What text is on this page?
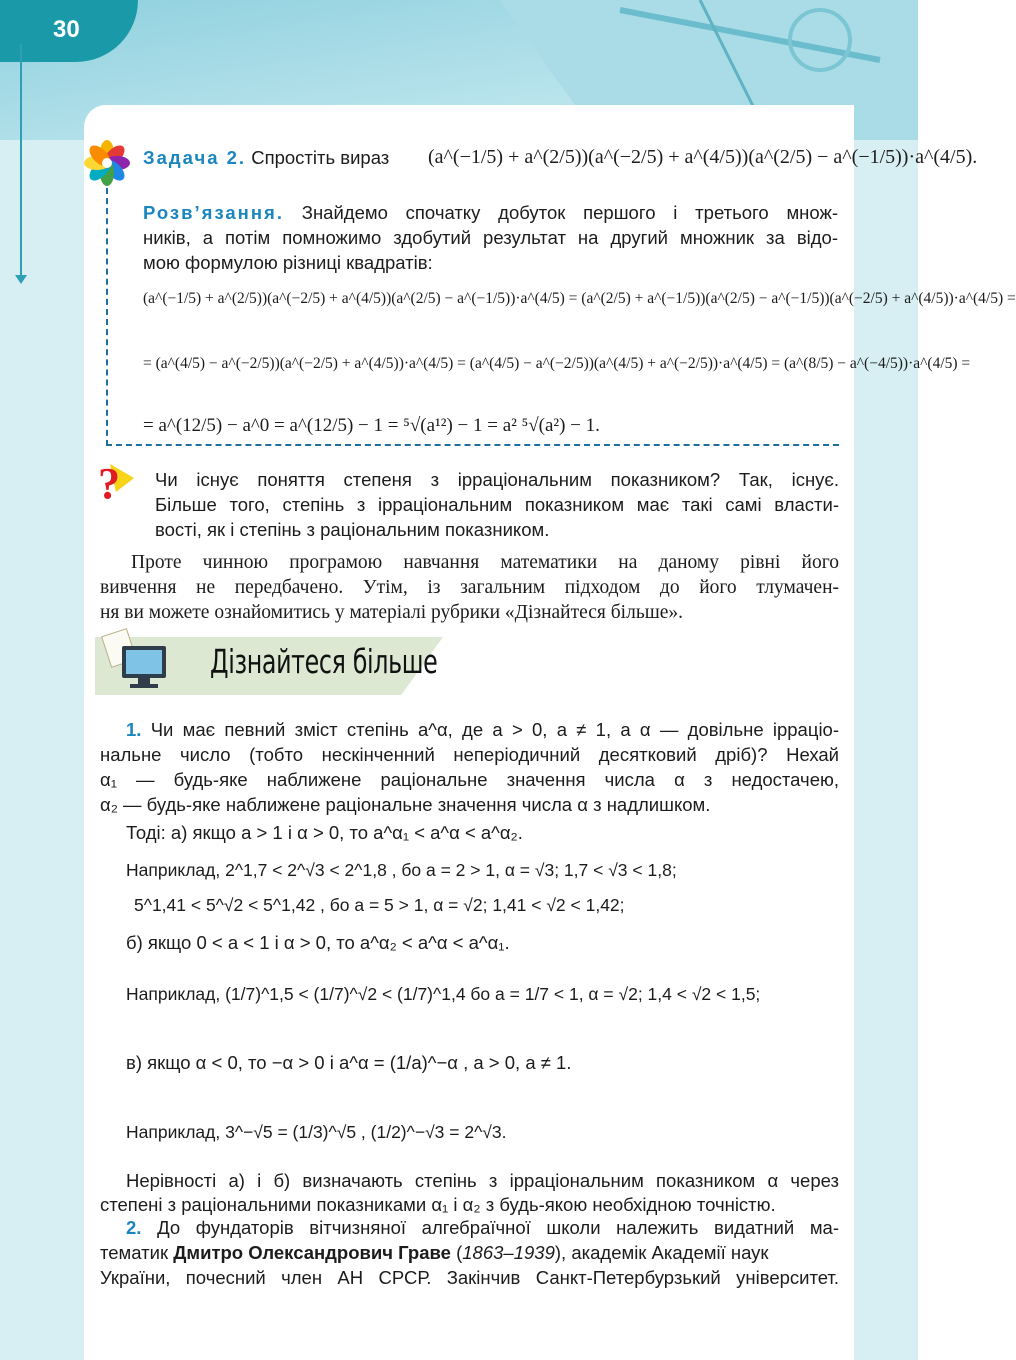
30
Задача 2. Спростіть вираз (a^(−1/5) + a^(2/5))(a^(−2/5) + a^(4/5))(a^(2/5) − a^(−1/5))·a^(4/5).
Розв’язання. Знайдемо спочатку добуток першого і третього множ-
ників, а потім помножимо здобутий результат на другий множник за відо-
мою формулою різниці квадратів:
(a^(−1/5) + a^(2/5))(a^(−2/5) + a^(4/5))(a^(2/5) − a^(−1/5))·a^(4/5) = (a^(2/5) + a^(−1/5))(a^(2/5) − a^(−1/5))(a^(−2/5) + a^(4/5))·a^(4/5) =
= (a^(4/5) − a^(−2/5))(a^(−2/5) + a^(4/5))·a^(4/5) = (a^(4/5) − a^(−2/5))(a^(4/5) + a^(−2/5))·a^(4/5) = (a^(8/5) − a^(−4/5))·a^(4/5) =
= a^(12/5) − a^0 = a^(12/5) − 1 = ⁵√(a¹²) − 1 = a² ⁵√(a²) − 1.
? Чи існує поняття степеня з ірраціональним показником? Так, існує.
Більше того, степінь з ірраціональним показником має такі самі власти-
вості, як і степінь з раціональним показником.
Проте чинною програмою навчання математики на даному рівні його
вивчення не передбачено. Утім, із загальним підходом до його тлумачен-
ня ви можете ознайомитись у матеріалі рубрики «Дізнайтеся більше».
Дізнайтеся більше
1. Чи має певний зміст степінь a^α, де a > 0, a ≠ 1, а α — довільне ірраціо-
нальне число (тобто нескінченний неперіодичний десятковий дріб)? Нехай
α₁ — будь-яке наближене раціональне значення числа α з недостачею,
α₂ — будь-яке наближене раціональне значення числа α з надлишком.
Тоді: а) якщо a > 1 і α > 0, то a^α₁ < a^α < a^α₂.
Наприклад, 2^1,7 < 2^√3 < 2^1,8 , бо a = 2 > 1, α = √3; 1,7 < √3 < 1,8;
5^1,41 < 5^√2 < 5^1,42 , бо a = 5 > 1, α = √2; 1,41 < √2 < 1,42;
б) якщо 0 < a < 1 і α > 0, то a^α₂ < a^α < a^α₁.
Наприклад, (1/7)^1,5 < (1/7)^√2 < (1/7)^1,4 бо a = 1/7 < 1, α = √2; 1,4 < √2 < 1,5;
в) якщо α < 0, то −α > 0 і a^α = (1/a)^−α , a > 0, a ≠ 1.
Наприклад, 3^−√5 = (1/3)^√5 , (1/2)^−√3 = 2^√3.
Нерівності а) і б) визначають степінь з ірраціональним показником α через
степені з раціональними показниками α₁ і α₂ з будь-якою необхідною точністю.
2. До фундаторів вітчизняної алгебраїчної школи належить видатний ма-
тематик Дмитро Олександрович Граве (1863–1939), академік Академії наук
України, почесний член АН СРСР. Закінчив Санкт-Петербурзький університет.
